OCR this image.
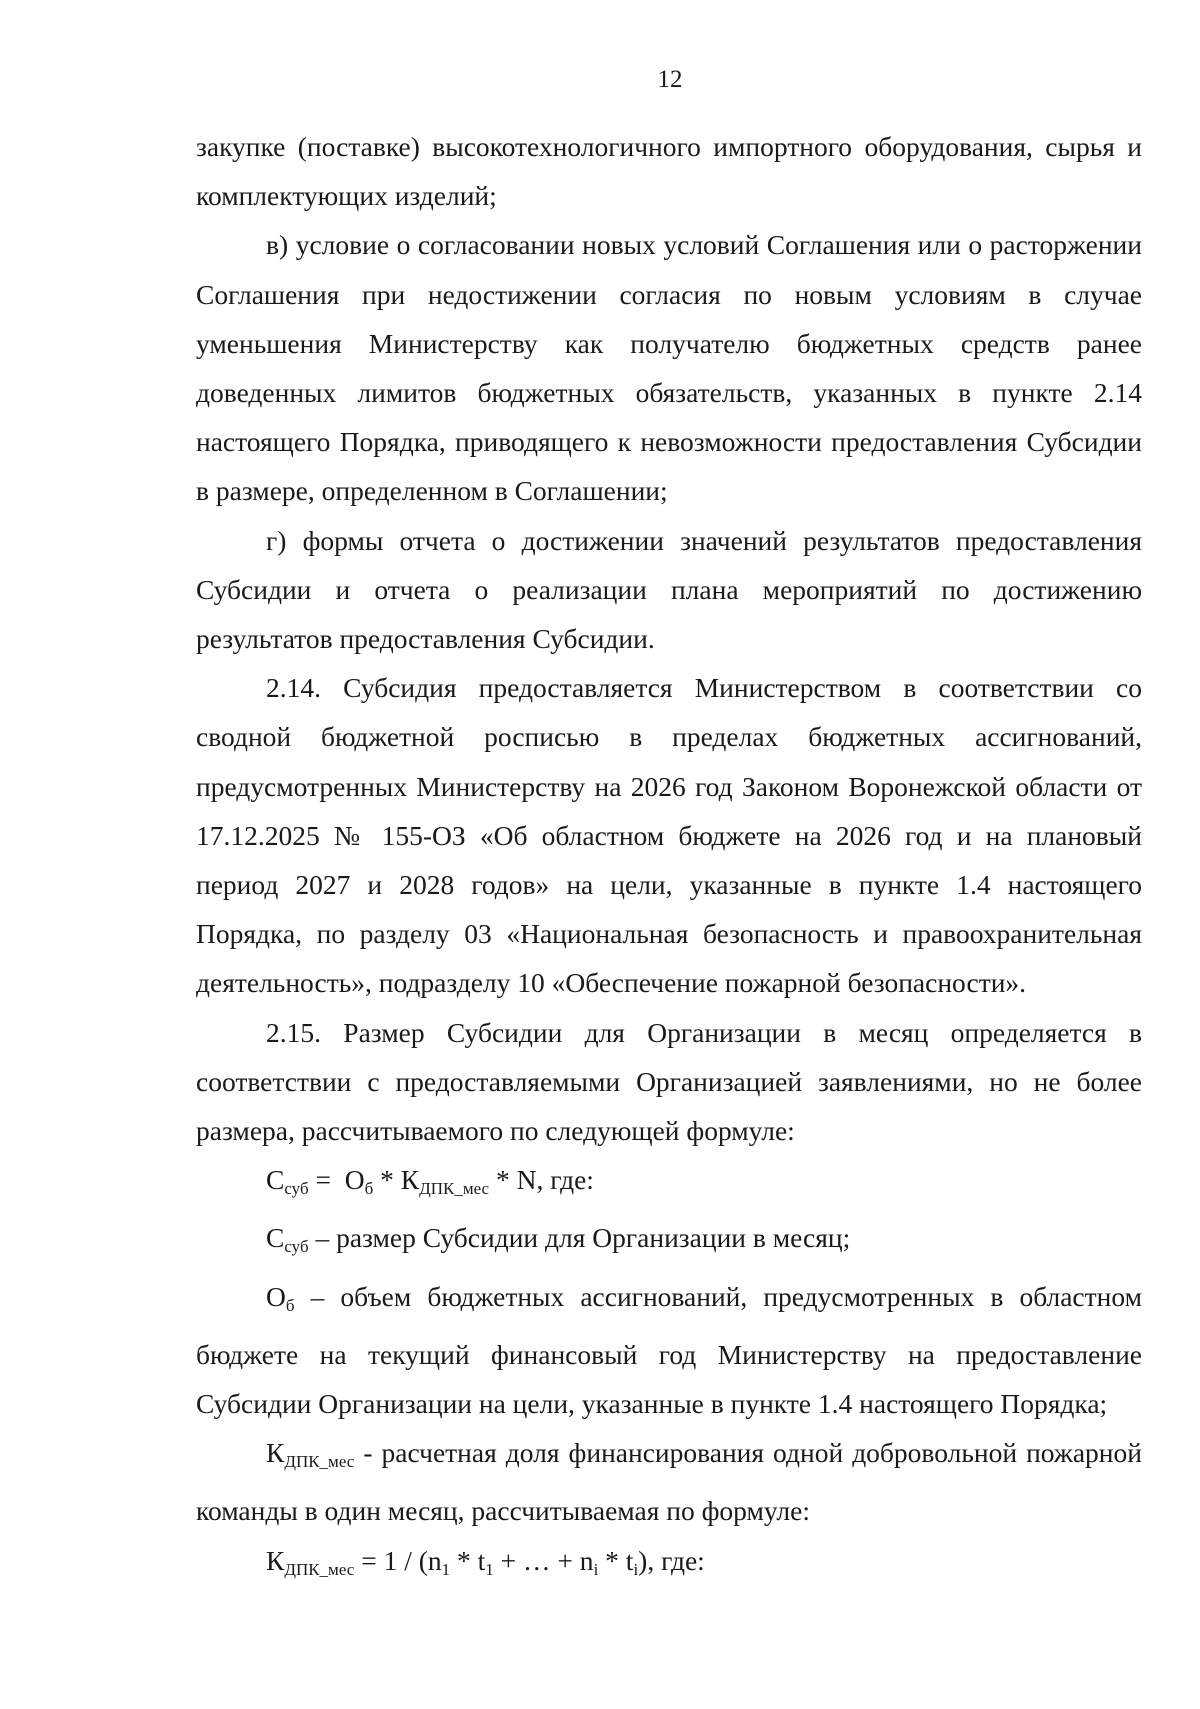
12

закупке (поставке) высокотехнологичного импортного оборудования, сырья и комплектующих изделий;

в) условие о согласовании новых условий Соглашения или о расторжении Соглашения при недостижении согласия по новым условиям в случае уменьшения Министерству как получателю бюджетных средств ранее доведенных лимитов бюджетных обязательств, указанных в пункте 2.14 настоящего Порядка, приводящего к невозможности предоставления Субсидии в размере, определенном в Соглашении;

г) формы отчета о достижении значений результатов предоставления Субсидии и отчета о реализации плана мероприятий по достижению результатов предоставления Субсидии.

2.14. Субсидия предоставляется Министерством в соответствии со сводной бюджетной росписью в пределах бюджетных ассигнований, предусмотренных Министерству на 2026 год Законом Воронежской области от 17.12.2025 № 155-ОЗ «Об областном бюджете на 2026 год и на плановый период 2027 и 2028 годов» на цели, указанные в пункте 1.4 настоящего Порядка, по разделу 03 «Национальная безопасность и правоохранительная деятельность», подразделу 10 «Обеспечение пожарной безопасности».

2.15. Размер Субсидии для Организации в месяц определяется в соответствии с предоставляемыми Организацией заявлениями, но не более размера, рассчитываемого по следующей формуле:

$С_{суб} = О_б * К_{ДПК\_мес} * N$, где:

$С_{суб}$ – размер Субсидии для Организации в месяц;

$О_б$ – объем бюджетных ассигнований, предусмотренных в областном бюджете на текущий финансовый год Министерству на предоставление Субсидии Организации на цели, указанные в пункте 1.4 настоящего Порядка;

$К_{ДПК\_мес}$ - расчетная доля финансирования одной добровольной пожарной команды в один месяц, рассчитываемая по формуле:

$К_{ДПК\_мес} = 1 / (n_1 * t_1$ + … + $n_i * t_i$), где:
